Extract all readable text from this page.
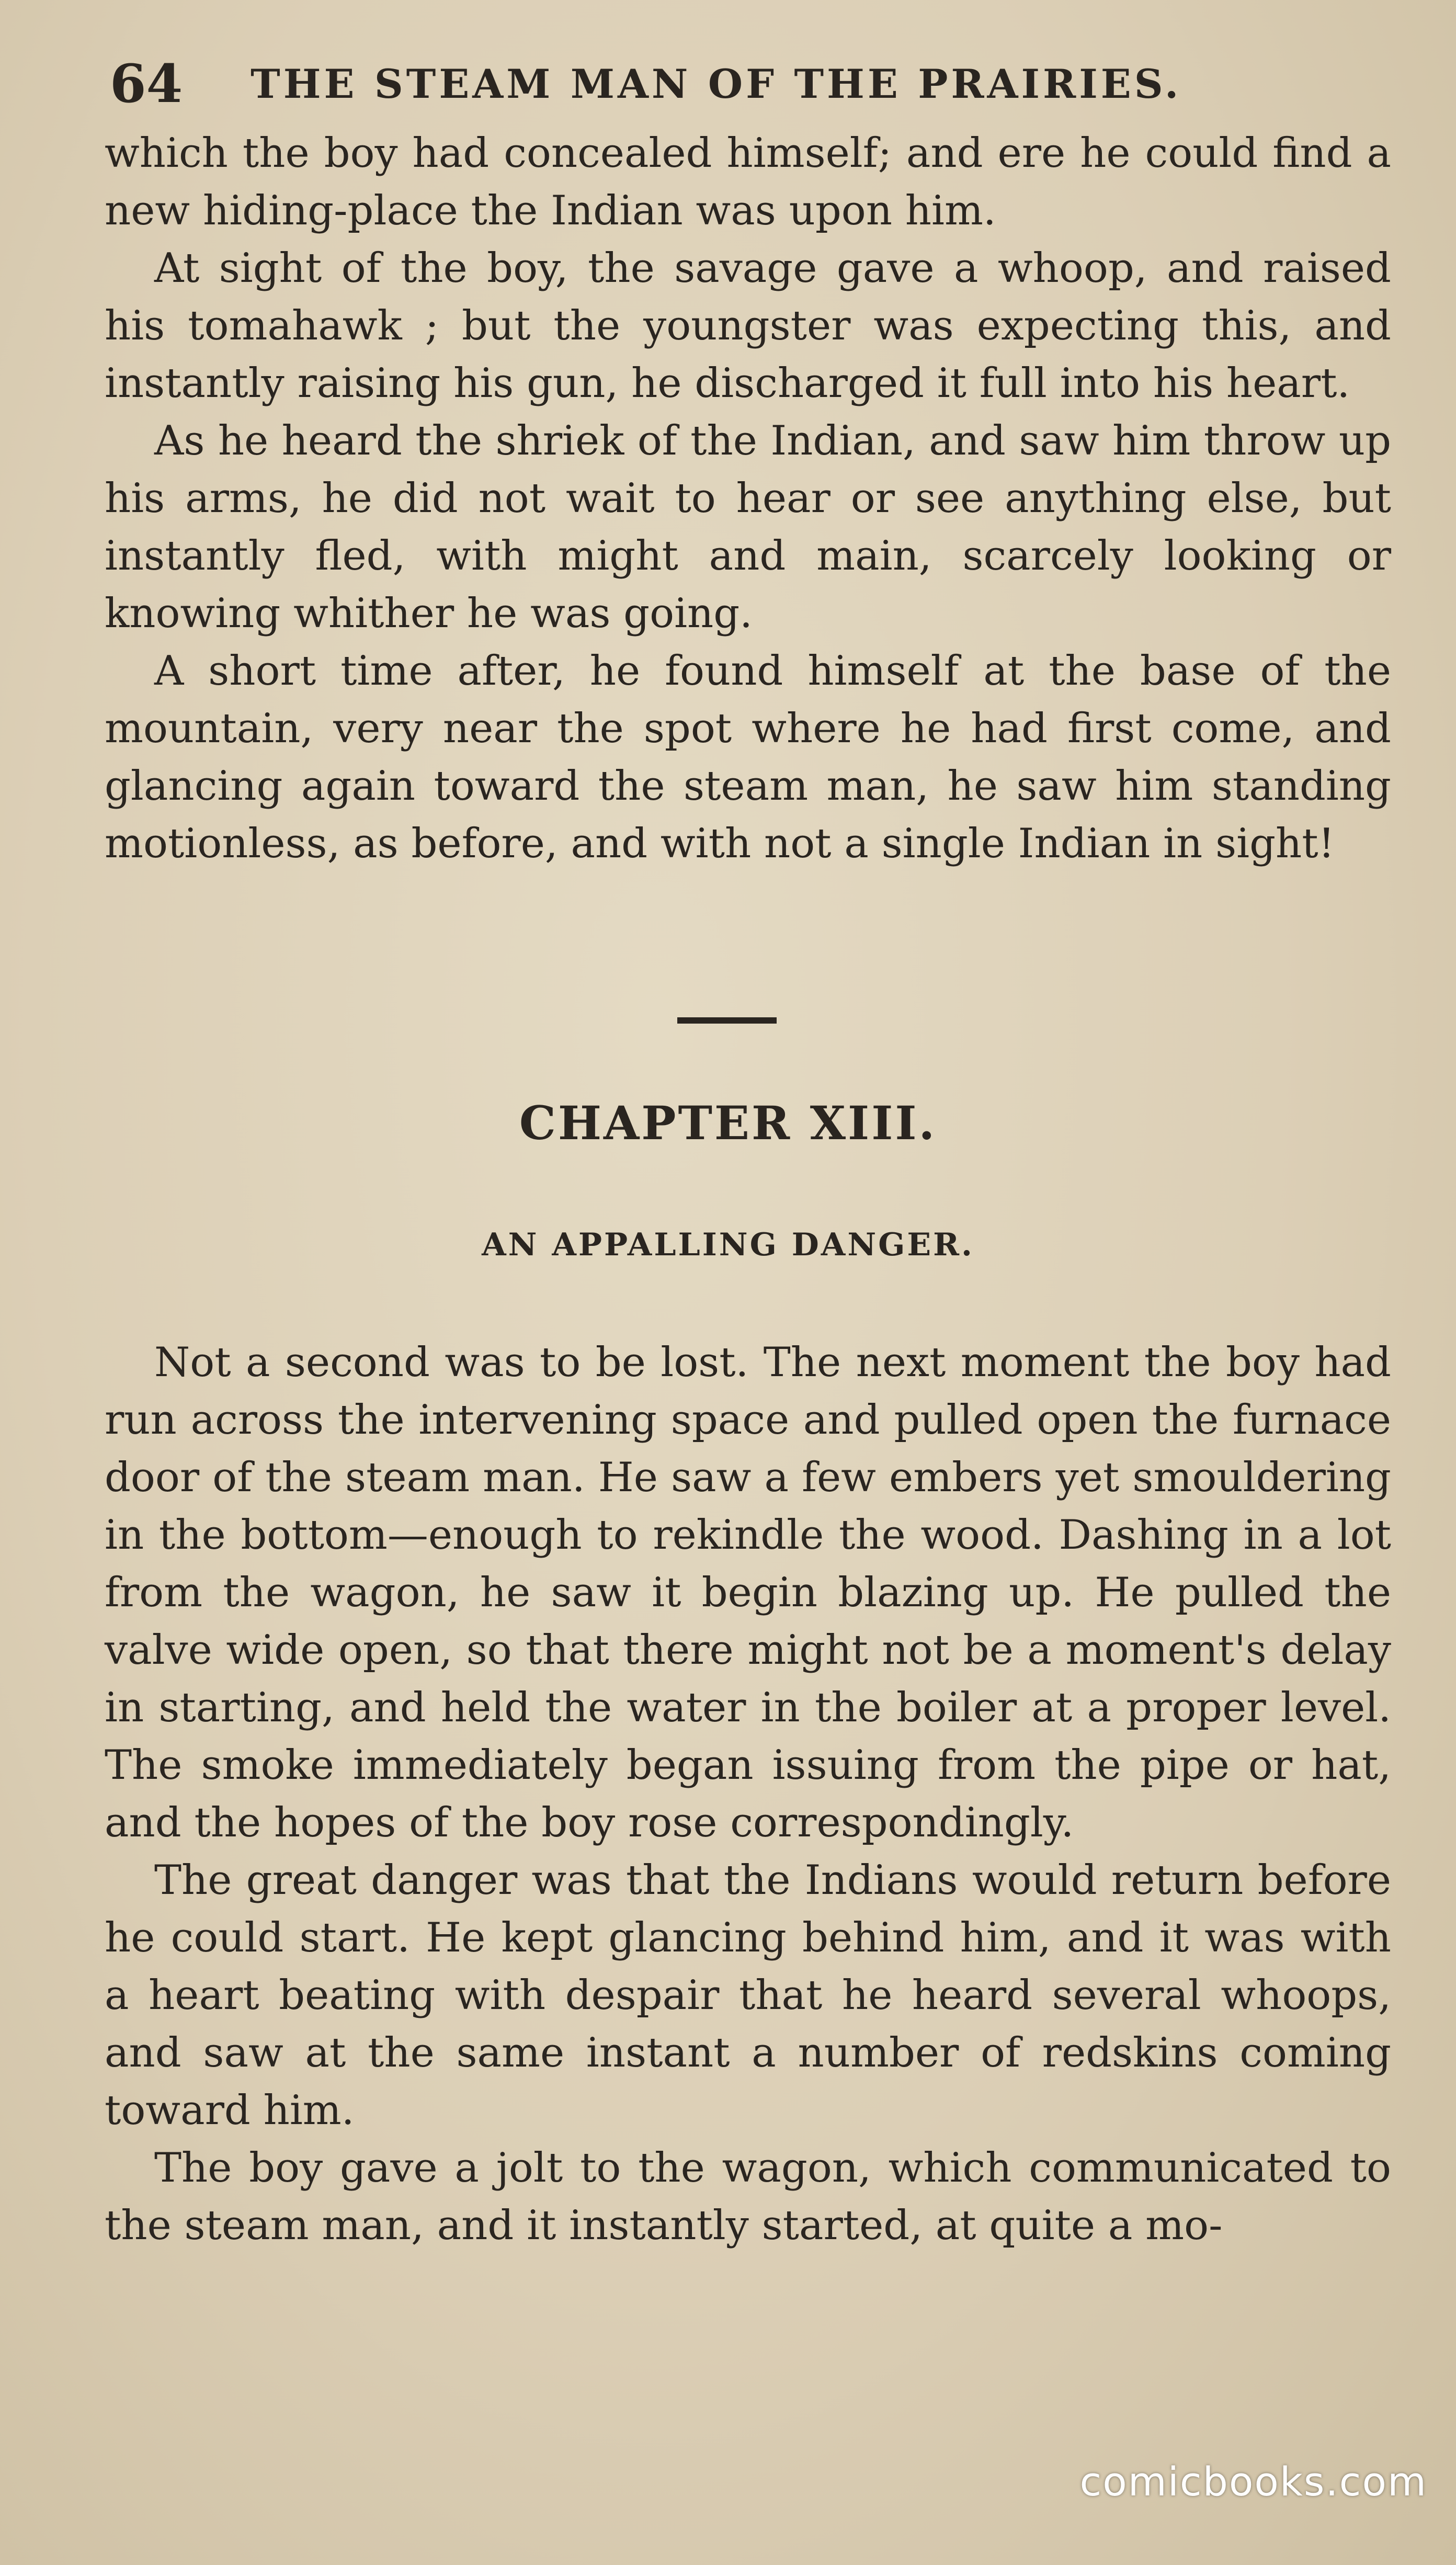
64 THE STEAM MAN OF THE PRAIRIES.

which the boy had concealed himself; and ere he could find a new hiding-place the Indian was upon him.

At sight of the boy, the savage gave a whoop, and raised his tomahawk ; but the youngster was expecting this, and instantly raising his gun, he discharged it full into his heart.

As he heard the shriek of the Indian, and saw him throw up his arms, he did not wait to hear or see anything else, but instantly fled, with might and main, scarcely looking or knowing whither he was going.

A short time after, he found himself at the base of the mountain, very near the spot where he had first come, and glancing again toward the steam man, he saw him standing motionless, as before, and with not a single Indian in sight!

CHAPTER XIII.
AN APPALLING DANGER.

Not a second was to be lost. The next moment the boy had run across the intervening space and pulled open the furnace door of the steam man. He saw a few embers yet smouldering in the bottom—enough to rekindle the wood. Dashing in a lot from the wagon, he saw it begin blazing up. He pulled the valve wide open, so that there might not be a moment's delay in starting, and held the water in the boiler at a proper level. The smoke immediately began issuing from the pipe or hat, and the hopes of the boy rose correspondingly.

The great danger was that the Indians would return before he could start. He kept glancing behind him, and it was with a heart beating with despair that he heard several whoops, and saw at the same instant a number of redskins coming toward him.

The boy gave a jolt to the wagon, which communicated to the steam man, and it instantly started, at quite a mo-

comicbooks.com
